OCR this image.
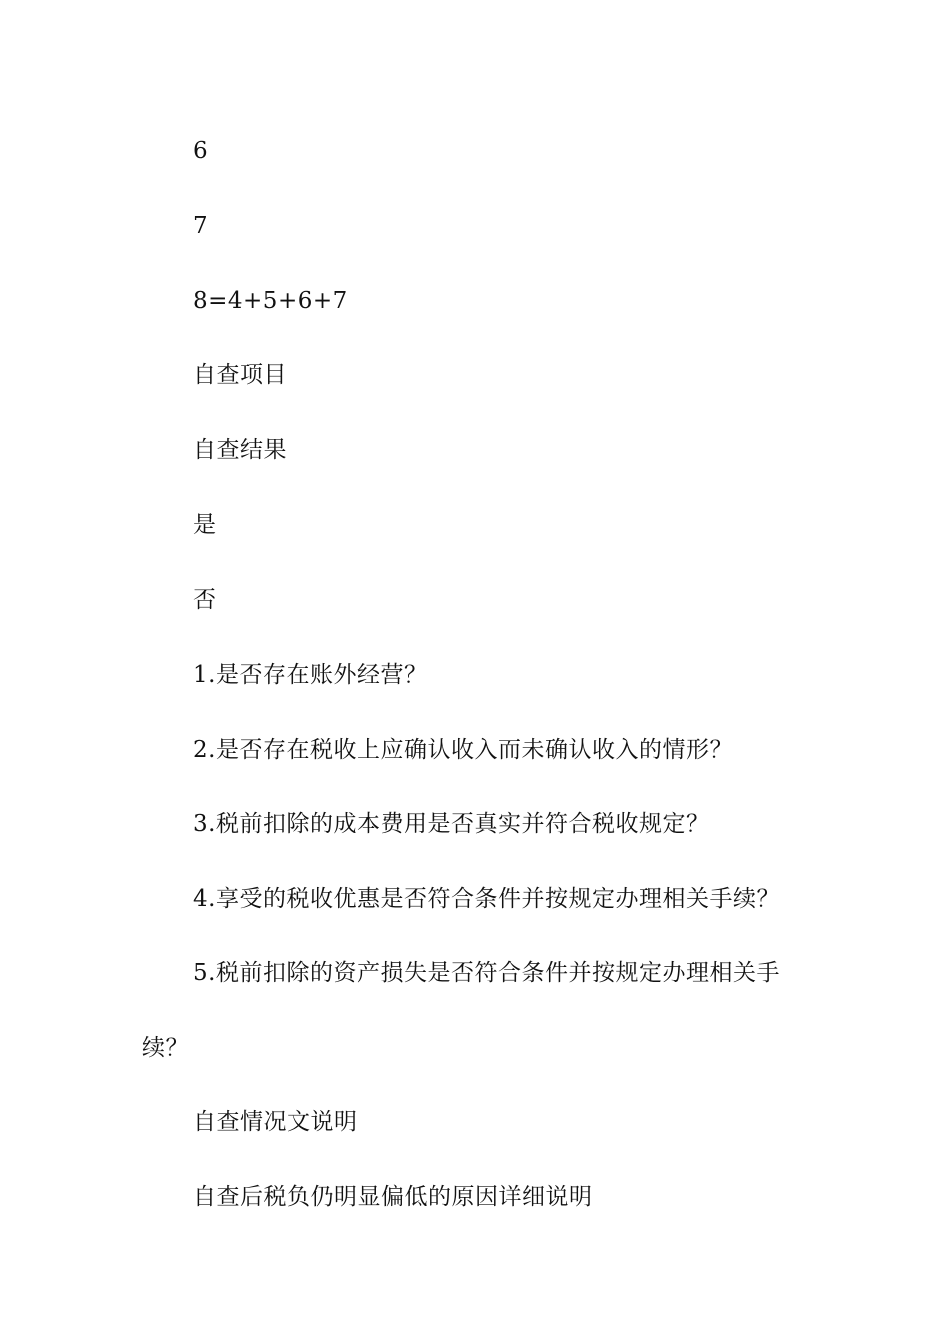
6
7
8=4+5+6+7
自查项目
自查结果
是
否
1.是否存在账外经营？
2.是否存在税收上应确认收入而未确认收入的情形？
3.税前扣除的成本费用是否真实并符合税收规定？
4.享受的税收优惠是否符合条件并按规定办理相关手续？
5.税前扣除的资产损失是否符合条件并按规定办理相关手
续？
自查情况文说明
自查后税负仍明显偏低的原因详细说明
